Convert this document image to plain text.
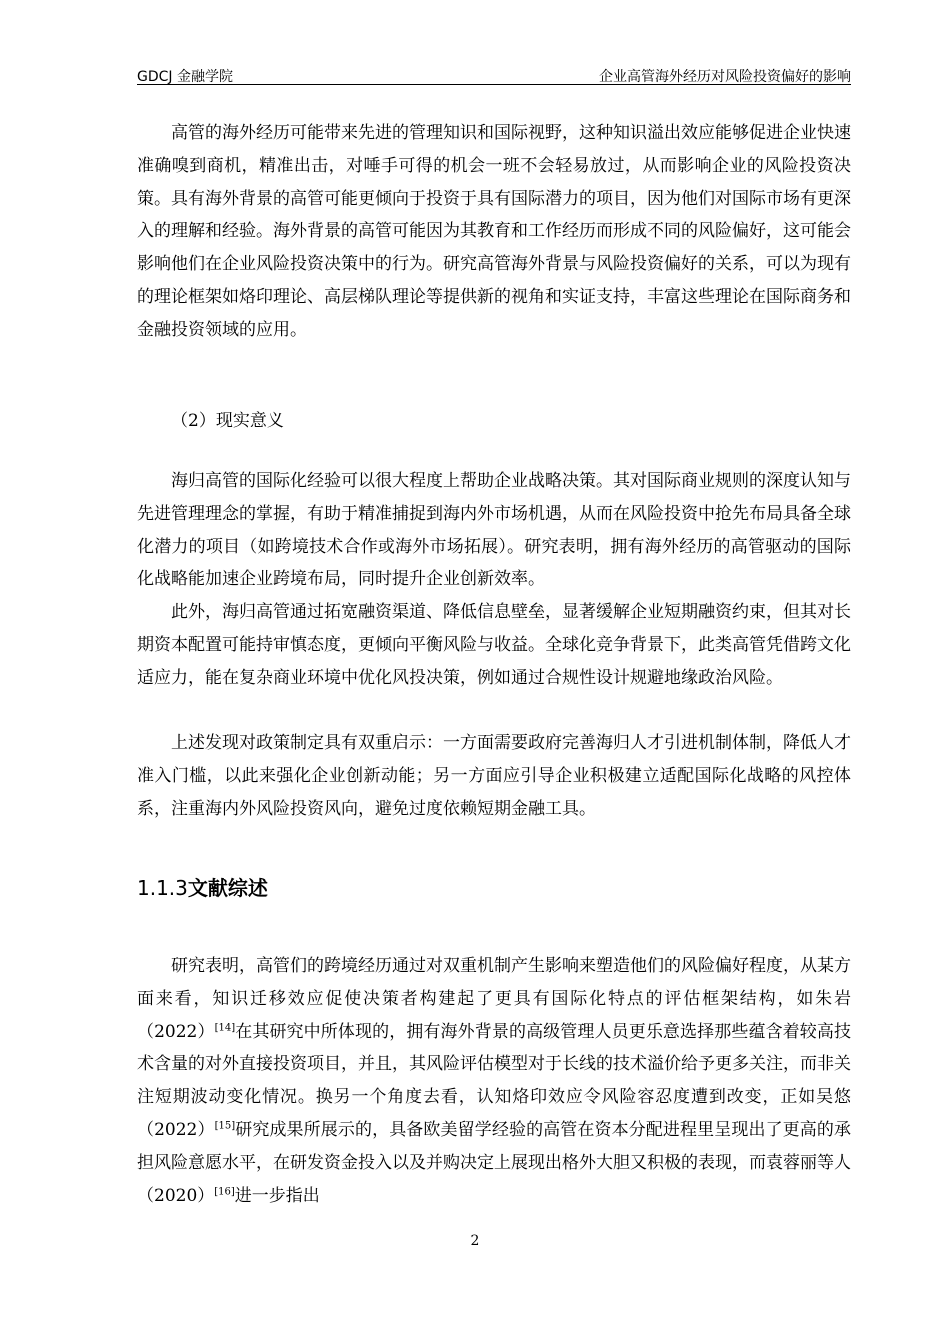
GDCJ 金融学院	企业高管海外经历对风险投资偏好的影响

高管的海外经历可能带来先进的管理知识和国际视野，这种知识溢出效应能够促进企业快速准确嗅到商机，精准出击，对唾手可得的机会一班不会轻易放过，从而影响企业的风险投资决策。具有海外背景的高管可能更倾向于投资于具有国际潜力的项目，因为他们对国际市场有更深入的理解和经验。海外背景的高管可能因为其教育和工作经历而形成不同的风险偏好，这可能会影响他们在企业风险投资决策中的行为。研究高管海外背景与风险投资偏好的关系，可以为现有的理论框架如烙印理论、高层梯队理论等提供新的视角和实证支持，丰富这些理论在国际商务和金融投资领域的应用。

（2）现实意义

海归高管的国际化经验可以很大程度上帮助企业战略决策。其对国际商业规则的深度认知与先进管理理念的掌握，有助于精准捕捉到海内外市场机遇，从而在风险投资中抢先布局具备全球化潜力的项目（如跨境技术合作或海外市场拓展）。研究表明，拥有海外经历的高管驱动的国际化战略能加速企业跨境布局，同时提升企业创新效率。

此外，海归高管通过拓宽融资渠道、降低信息壁垒，显著缓解企业短期融资约束，但其对长期资本配置可能持审慎态度，更倾向平衡风险与收益。全球化竞争背景下，此类高管凭借跨文化适应力，能在复杂商业环境中优化风投决策，例如通过合规性设计规避地缘政治风险。

上述发现对政策制定具有双重启示：一方面需要政府完善海归人才引进机制体制，降低人才准入门槛，以此来强化企业创新动能；另一方面应引导企业积极建立适配国际化战略的风控体系，注重海内外风险投资风向，避免过度依赖短期金融工具。

1.1.3文献综述

研究表明，高管们的跨境经历通过对双重机制产生影响来塑造他们的风险偏好程度，从某方面来看，知识迁移效应促使决策者构建起了更具有国际化特点的评估框架结构，如朱岩（2022）[14]在其研究中所体现的，拥有海外背景的高级管理人员更乐意选择那些蕴含着较高技术含量的对外直接投资项目，并且，其风险评估模型对于长线的技术溢价给予更多关注，而非关注短期波动变化情况。换另一个角度去看，认知烙印效应令风险容忍度遭到改变，正如吴悠（2022）[15]研究成果所展示的，具备欧美留学经验的高管在资本分配进程里呈现出了更高的承担风险意愿水平，在研发资金投入以及并购决定上展现出格外大胆又积极的表现，而袁蓉丽等人（2020）[16]进一步指出

2
